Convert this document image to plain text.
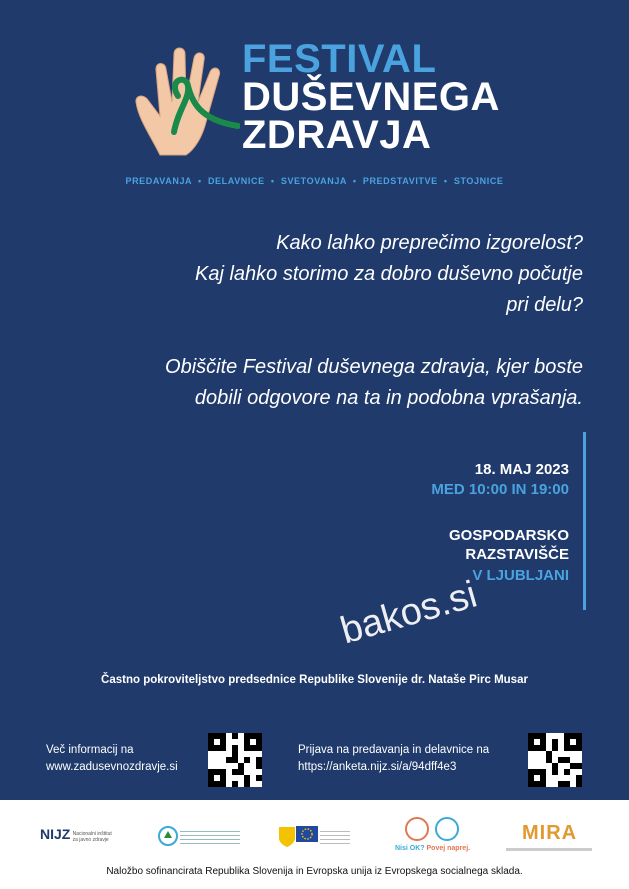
FESTIVAL
DUŠEVNEGA
ZDRAVJA
PREDAVANJA  •  DELAVNICE  •  SVETOVANJA  •  PREDSTAVITVE  •  STOJNICE
Kako lahko preprečimo izgorelost?
Kaj lahko storimo za dobro duševno počutje
pri delu?
Obiščite Festival duševnega zdravja, kjer boste
dobili odgovore na ta in podobna vprašanja.
18. MAJ 2023
MED 10:00 IN 19:00
GOSPODARSKO
RAZSTAVIŠČE
V LJUBLJANI
Častno pokroviteljstvo predsednice Republike Slovenije dr. Nataše Pirc Musar
bakos.si
Več informacij na
www.zadusevnozdravje.si
Prijava na predavanja in delavnice na
https://anketa.nijz.si/a/94dff4e3
NIJZ Nacionalni inštitut za javno zdravje
Nisi OK? Povej naprej.
MIRA
Naložbo sofinancirata Republika Slovenija in Evropska unija iz Evropskega socialnega sklada.
